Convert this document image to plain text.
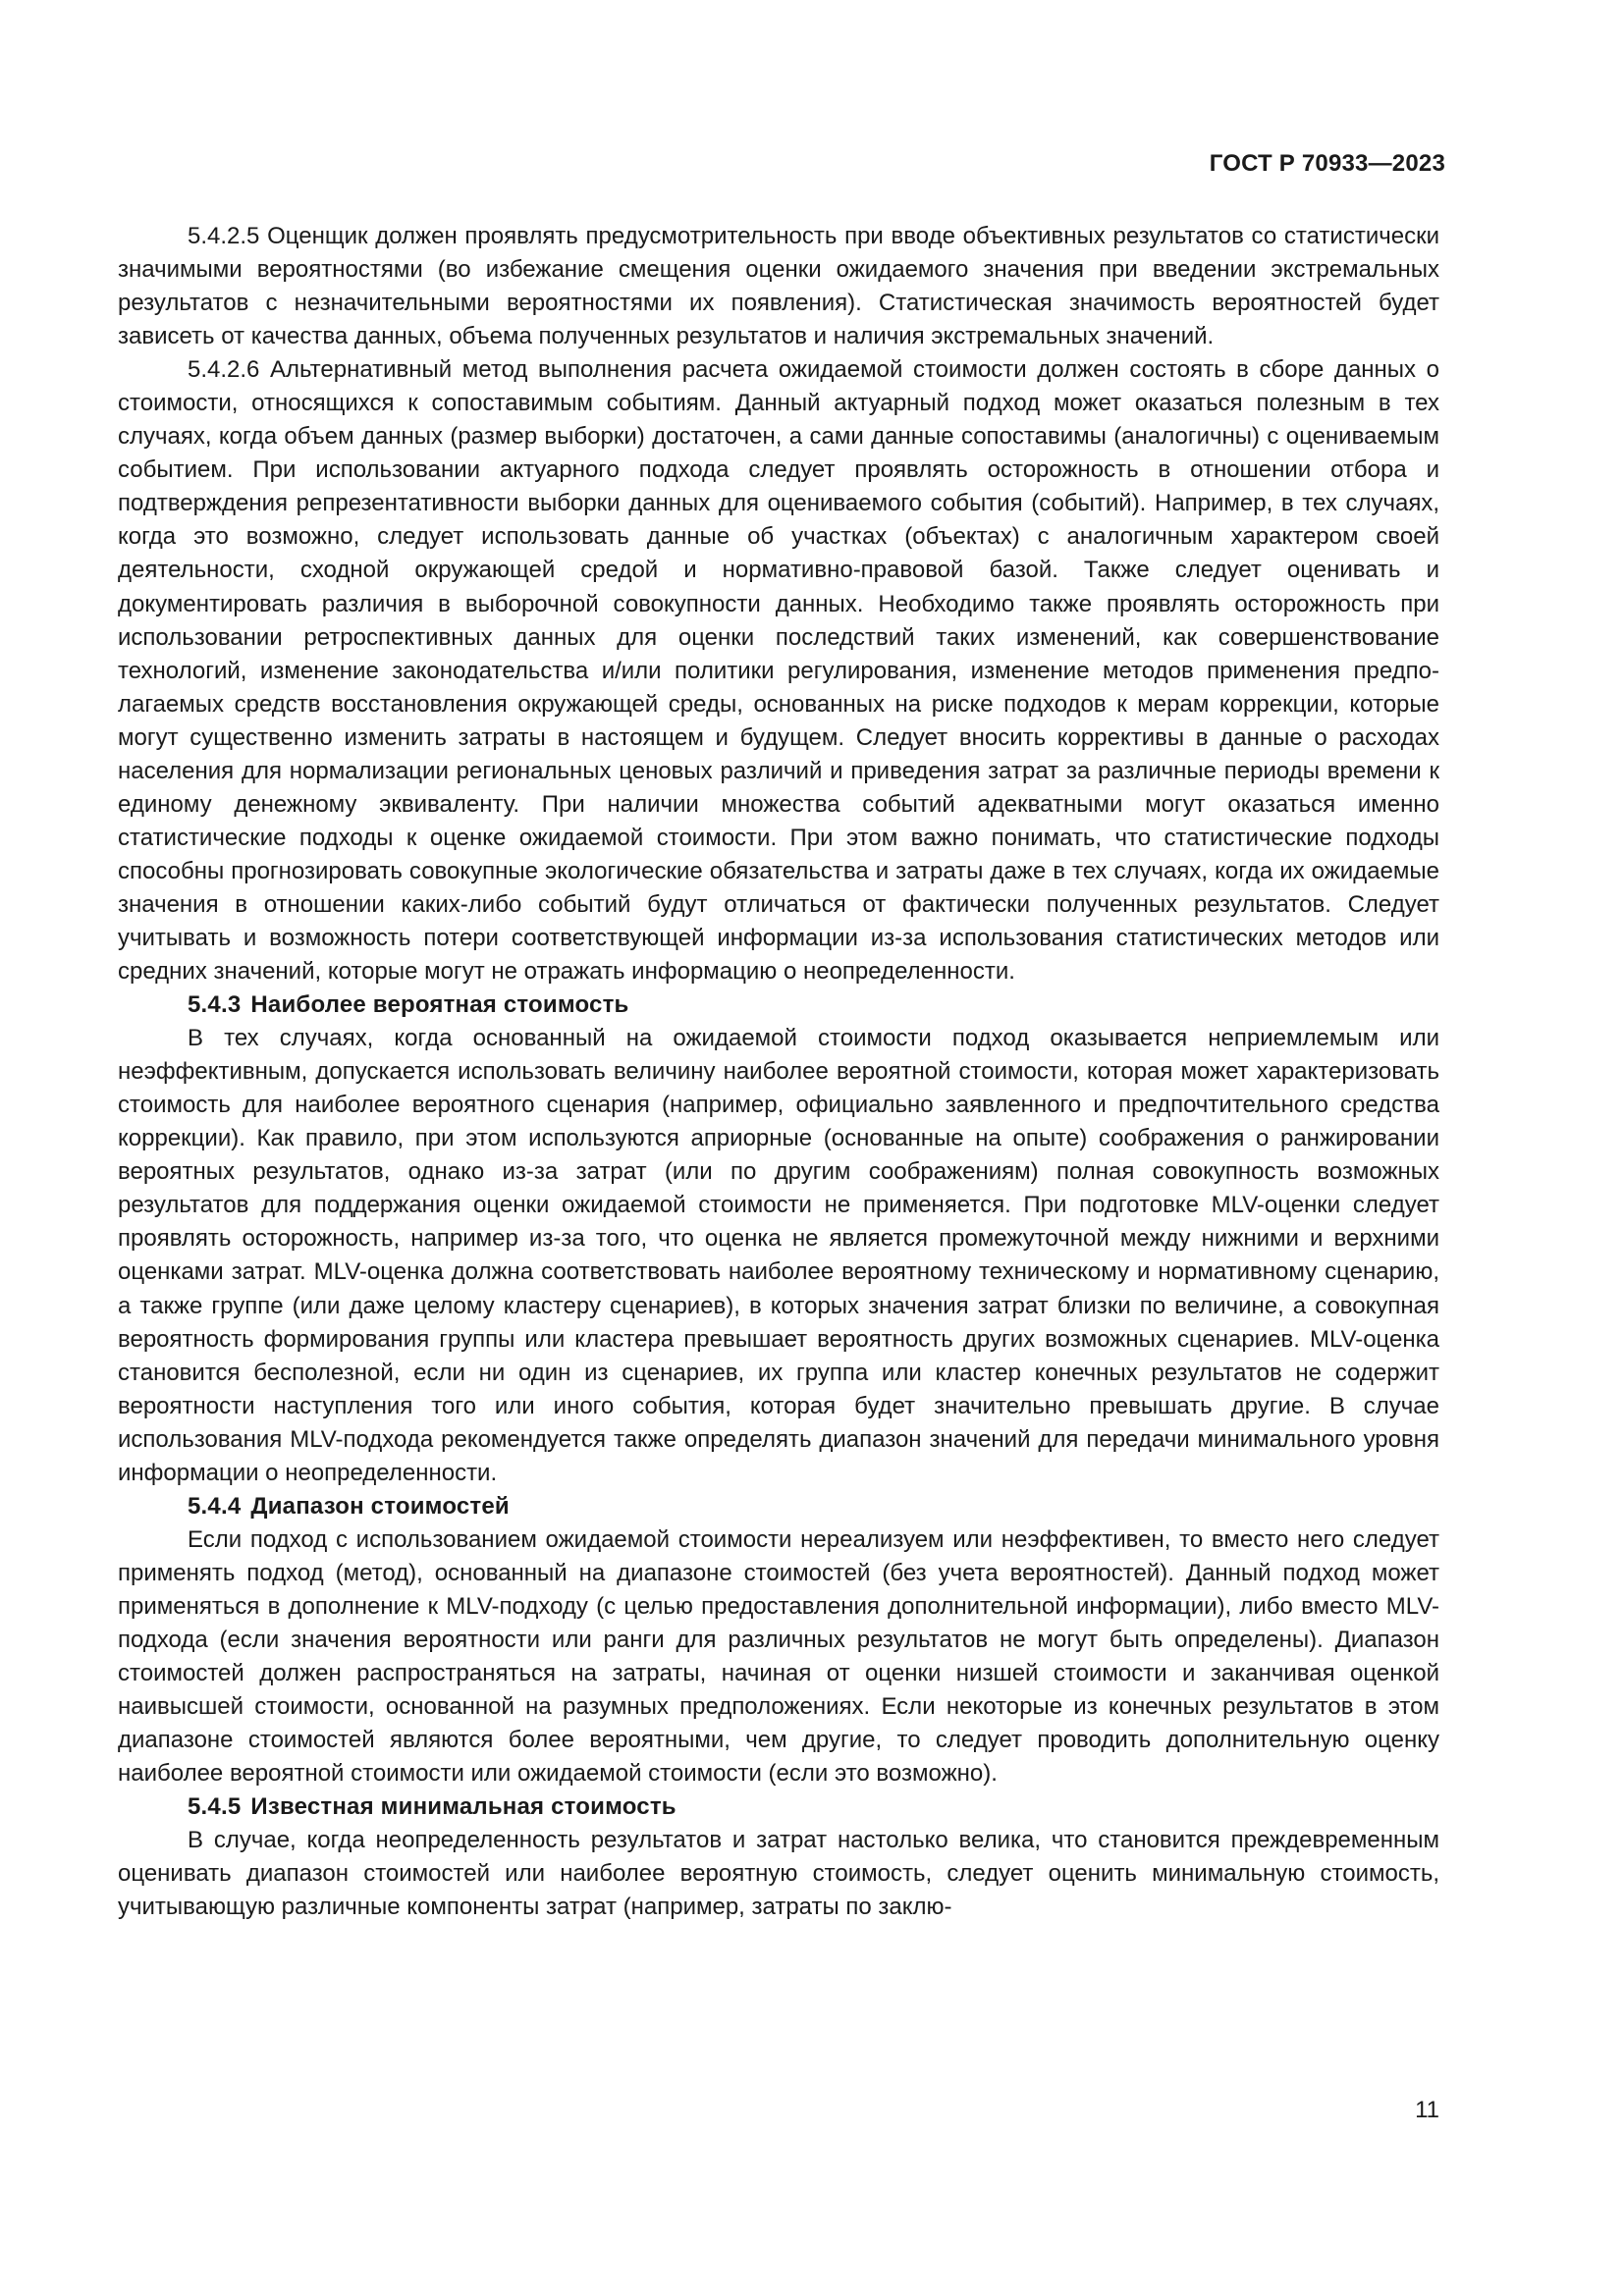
ГОСТ Р 70933—2023

5.4.2.5 Оценщик должен проявлять предусмотрительность при вводе объективных результатов со статистически значимыми вероятностями (во избежание смещения оценки ожидаемого значения при введении экстремальных результатов с незначительными вероятностями их появления). Статистическая значимость вероятностей будет зависеть от качества данных, объема полученных результатов и наличия экстремальных значений.

5.4.2.6 Альтернативный метод выполнения расчета ожидаемой стоимости должен состоять в сборе данных о стоимости, относящихся к сопоставимым событиям. Данный актуарный подход может оказаться полезным в тех случаях, когда объем данных (размер выборки) достаточен, а сами данные сопоставимы (аналогичны) с оцениваемым событием. При использовании актуарного подхода следует проявлять осторожность в отношении отбора и подтверждения репрезентативности выборки данных для оцениваемого события (событий). Например, в тех случаях, когда это возможно, следует использовать данные об участках (объектах) с аналогичным характером своей деятельности, сходной окружающей средой и нормативно-правовой базой. Также следует оценивать и документировать различия в выборочной совокупности данных. Необходимо также проявлять осторожность при использовании ретроспективных данных для оценки последствий таких изменений, как совершенствование технологий, изменение законодательства и/или политики регулирования, изменение методов применения предполагаемых средств восстановления окружающей среды, основанных на риске подходов к мерам коррекции, которые могут существенно изменить затраты в настоящем и будущем. Следует вносить коррективы в данные о расходах населения для нормализации региональных ценовых различий и приведения затрат за различные периоды времени к единому денежному эквиваленту. При наличии множества событий адекватными могут оказаться именно статистические подходы к оценке ожидаемой стоимости. При этом важно понимать, что статистические подходы способны прогнозировать совокупные экологические обязательства и затраты даже в тех случаях, когда их ожидаемые значения в отношении каких-либо событий будут отличаться от фактически полученных результатов. Следует учитывать и возможность потери соответствующей информации из-за использования статистических методов или средних значений, которые могут не отражать информацию о неопределенности.

5.4.3 Наиболее вероятная стоимость

В тех случаях, когда основанный на ожидаемой стоимости подход оказывается неприемлемым или неэффективным, допускается использовать величину наиболее вероятной стоимости, которая может характеризовать стоимость для наиболее вероятного сценария (например, официально заявленного и предпочтительного средства коррекции). Как правило, при этом используются априорные (основанные на опыте) соображения о ранжировании вероятных результатов, однако из-за затрат (или по другим соображениям) полная совокупность возможных результатов для поддержания оценки ожидаемой стоимости не применяется. При подготовке MLV-оценки следует проявлять осторожность, например из-за того, что оценка не является промежуточной между нижними и верхними оценками затрат. MLV-оценка должна соответствовать наиболее вероятному техническому и нормативному сценарию, а также группе (или даже целому кластеру сценариев), в которых значения затрат близки по величине, а совокупная вероятность формирования группы или кластера превышает вероятность других возможных сценариев. MLV-оценка становится бесполезной, если ни один из сценариев, их группа или кластер конечных результатов не содержит вероятности наступления того или иного события, которая будет значительно превышать другие. В случае использования MLV-подхода рекомендуется также определять диапазон значений для передачи минимального уровня информации о неопределенности.

5.4.4 Диапазон стоимостей

Если подход с использованием ожидаемой стоимости нереализуем или неэффективен, то вместо него следует применять подход (метод), основанный на диапазоне стоимостей (без учета вероятностей). Данный подход может применяться в дополнение к MLV-подходу (с целью предоставления дополнительной информации), либо вместо MLV-подхода (если значения вероятности или ранги для различных результатов не могут быть определены). Диапазон стоимостей должен распространяться на затраты, начиная от оценки низшей стоимости и заканчивая оценкой наивысшей стоимости, основанной на разумных предположениях. Если некоторые из конечных результатов в этом диапазоне стоимостей являются более вероятными, чем другие, то следует проводить дополнительную оценку наиболее вероятной стоимости или ожидаемой стоимости (если это возможно).

5.4.5 Известная минимальная стоимость

В случае, когда неопределенность результатов и затрат настолько велика, что становится преждевременным оценивать диапазон стоимостей или наиболее вероятную стоимость, следует оценить минимальную стоимость, учитывающую различные компоненты затрат (например, затраты по заклю-

11
